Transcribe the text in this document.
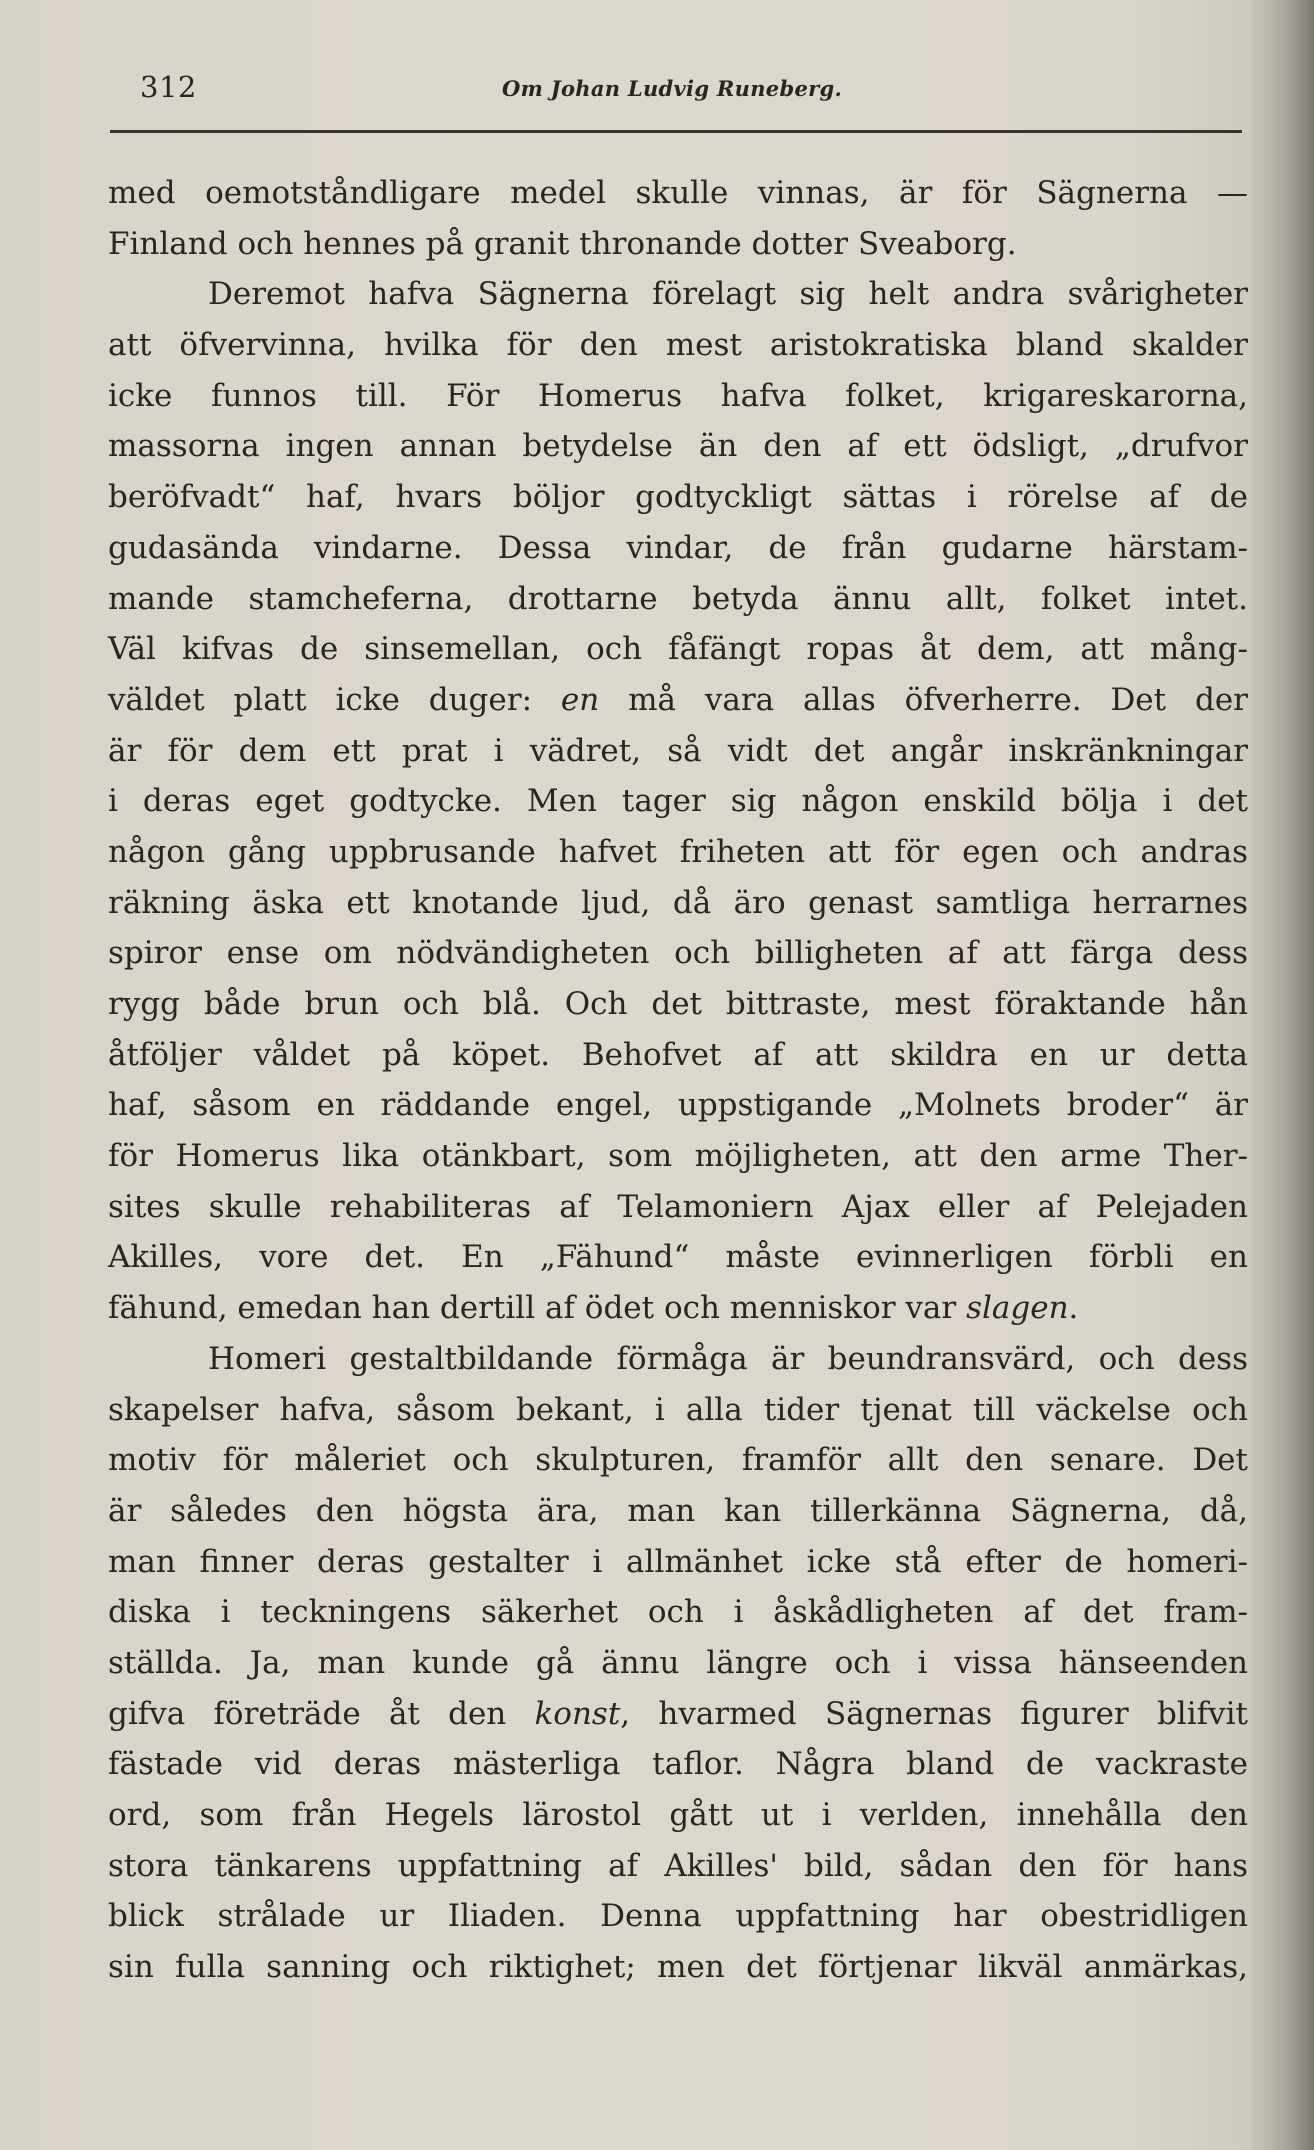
312	Om Johan Ludvig Runeberg.
med oemotståndligare medel skulle vinnas, är för Sägnerna —
Finland och hennes på granit thronande dotter Sveaborg.
Deremot hafva Sägnerna förelagt sig helt andra svårigheter
att öfvervinna, hvilka för den mest aristokratiska bland skalder
icke funnos till. För Homerus hafva folket, krigareskarorna,
massorna ingen annan betydelse än den af ett ödsligt, „drufvor
beröfvadt“ haf, hvars böljor godtyckligt sättas i rörelse af de
gudasända vindarne. Dessa vindar, de från gudarne härstam-
mande stamcheferna, drottarne betyda ännu allt, folket intet.
Väl kifvas de sinsemellan, och fåfängt ropas åt dem, att mång-
väldet platt icke duger: en må vara allas öfverherre. Det der
är för dem ett prat i vädret, så vidt det angår inskränkningar
i deras eget godtycke. Men tager sig någon enskild bölja i det
någon gång uppbrusande hafvet friheten att för egen och andras
räkning äska ett knotande ljud, då äro genast samtliga herrarnes
spiror ense om nödvändigheten och billigheten af att färga dess
rygg både brun och blå. Och det bittraste, mest föraktande hån
åtföljer våldet på köpet. Behofvet af att skildra en ur detta
haf, såsom en räddande engel, uppstigande „Molnets broder“ är
för Homerus lika otänkbart, som möjligheten, att den arme Ther-
sites skulle rehabiliteras af Telamoniern Ajax eller af Pelejaden
Akilles, vore det. En „Fähund“ måste evinnerligen förbli en
fähund, emedan han dertill af ödet och menniskor var slagen.
Homeri gestaltbildande förmåga är beundransvärd, och dess
skapelser hafva, såsom bekant, i alla tider tjenat till väckelse och
motiv för måleriet och skulpturen, framför allt den senare. Det
är således den högsta ära, man kan tillerkänna Sägnerna, då,
man finner deras gestalter i allmänhet icke stå efter de homeri-
diska i teckningens säkerhet och i åskådligheten af det fram-
ställda. Ja, man kunde gå ännu längre och i vissa hänseenden
gifva företräde åt den konst, hvarmed Sägnernas figurer blifvit
fästade vid deras mästerliga taflor. Några bland de vackraste
ord, som från Hegels lärostol gått ut i verlden, innehålla den
stora tänkarens uppfattning af Akilles' bild, sådan den för hans
blick strålade ur Iliaden. Denna uppfattning har obestridligen
sin fulla sanning och riktighet; men det förtjenar likväl anmärkas,
